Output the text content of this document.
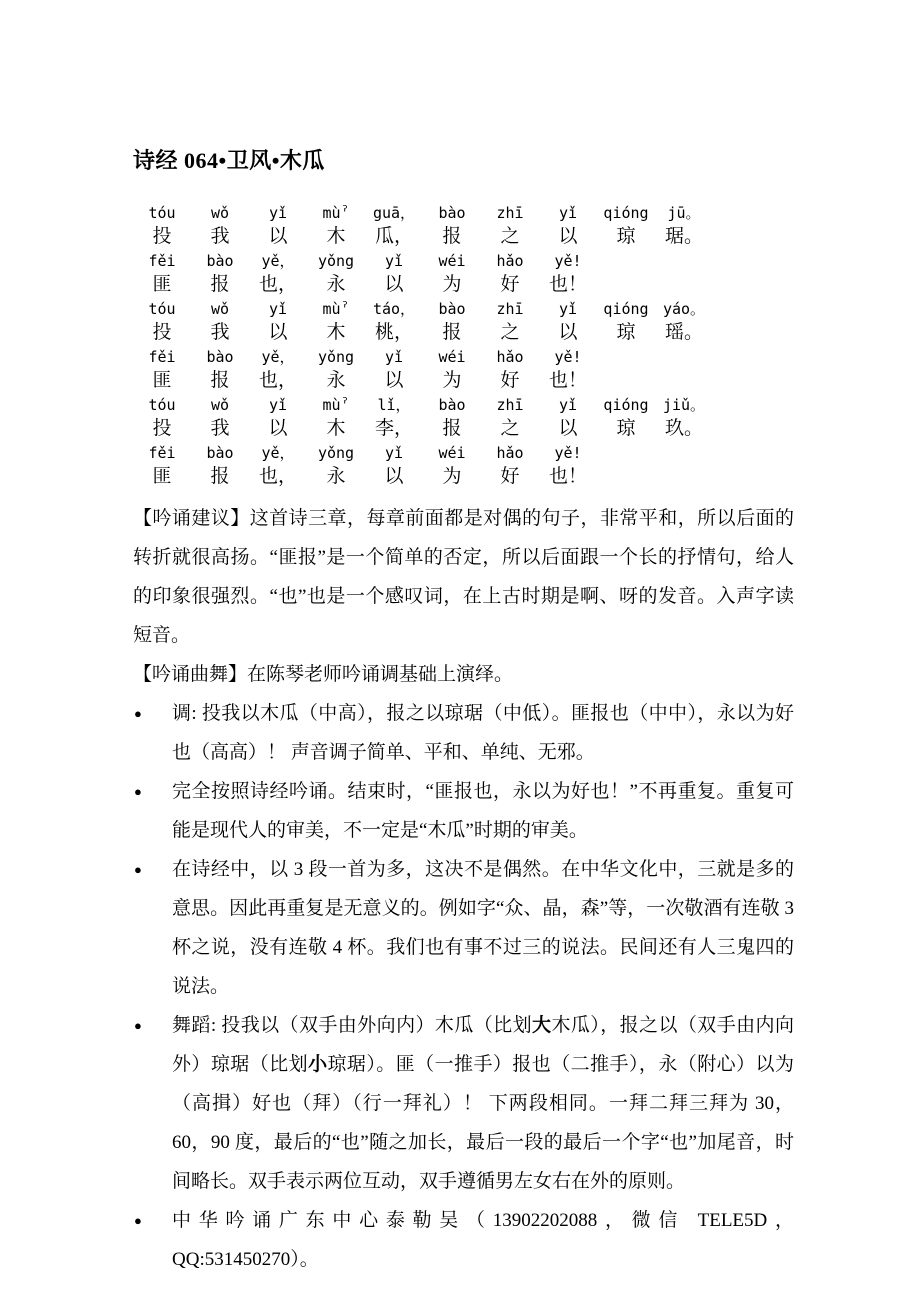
诗经 064•卫风•木瓜
tóu	wǒ	yǐ	mùˀ	guā，	bào	zhī	yǐ	qióng	jū。
投	我	以	木	瓜，	报	之	以	琼	琚。
fěi	bào	yě，	yǒng	yǐ	wéi	hǎo	yě!
匪	报	也，	永	以	为	好	也！
tóu	wǒ	yǐ	mùˀ	táo，	bào	zhī	yǐ	qióng yáo。
投	我	以	木	桃，	报	之	以	琼	瑶。
fěi	bào	yě，	yǒng	yǐ	wéi	hǎo	yě!
匪	报	也，	永	以	为	好	也！
tóu	wǒ	yǐ	mùˀ	lǐ，	bào	zhī	yǐ	qióng jiǔ。
投	我	以	木	李，	报	之	以	琼	玖。
fěi	bào	yě，	yǒng	yǐ	wéi	hǎo	yě!
匪	报	也，	永	以	为	好	也！

【吟诵建议】这首诗三章，每章前面都是对偶的句子，非常平和，所以后面的转折就很高扬。“匪报”是一个简单的否定，所以后面跟一个长的抒情句，给人的印象很强烈。“也”也是一个感叹词，在上古时期是啊、呀的发音。入声字读短音。

【吟诵曲舞】在陈琴老师吟诵调基础上演绎。

● 调: 投我以木瓜（中高），报之以琼琚（中低）。匪报也（中中），永以为好也（高高）！ 声音调子简单、平和、单纯、无邪。
● 完全按照诗经吟诵。结束时，“匪报也，永以为好也！”不再重复。重复可能是现代人的审美，不一定是“木瓜”时期的审美。
● 在诗经中，以 3 段一首为多，这决不是偶然。在中华文化中，三就是多的意思。因此再重复是无意义的。例如字“众、晶，森”等，一次敬酒有连敬 3 杯之说，没有连敬 4 杯。我们也有事不过三的说法。民间还有人三鬼四的说法。
● 舞蹈: 投我以（双手由外向内）木瓜（比划大木瓜），报之以（双手由内向外）琼琚（比划小琼琚）。匪（一推手）报也（二推手），永（附心）以为（高揖）好也（拜）（行一拜礼）！ 下两段相同。一拜二拜三拜为 30，60，90 度，最后的“也”随之加长，最后一段的最后一个字“也”加尾音，时间略长。双手表示两位互动，双手遵循男左女右在外的原则。
● 中华吟诵广东中心泰勒吴（13902202088，微信 TELE5D，QQ:531450270）。
